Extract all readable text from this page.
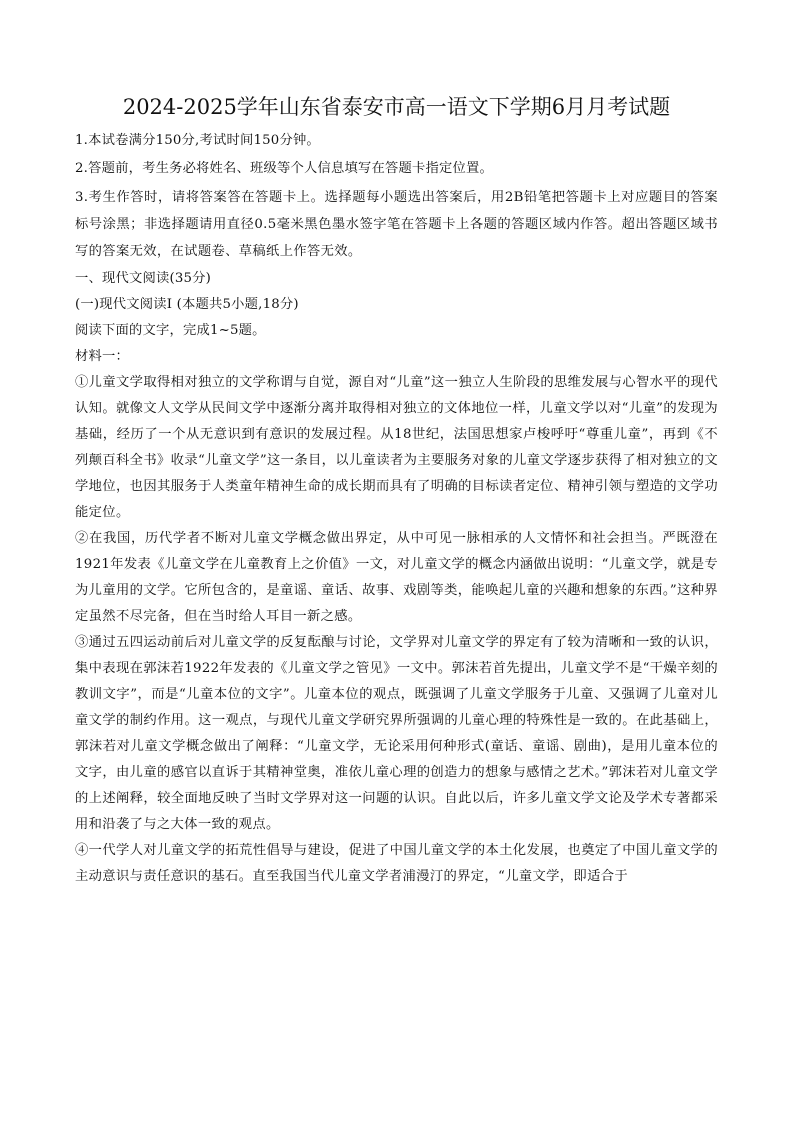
2024-2025学年山东省泰安市高一语文下学期6月月考试题

1.本试卷满分150分,考试时间150分钟。

2.答题前，考生务必将姓名、班级等个人信息填写在答题卡指定位置。

3.考生作答时，请将答案答在答题卡上。选择题每小题选出答案后，用2B铅笔把答题卡上对应题目的答案标号涂黑；非选择题请用直径0.5毫米黑色墨水签字笔在答题卡上各题的答题区域内作答。超出答题区域书写的答案无效，在试题卷、草稿纸上作答无效。

一、现代文阅读(35分)

(一)现代文阅读Ⅰ (本题共5小题,18分)

阅读下面的文字，完成1~5题。

材料一：

①儿童文学取得相对独立的文学称谓与自觉，源自对“儿童”这一独立人生阶段的思维发展与心智水平的现代认知。就像文人文学从民间文学中逐渐分离并取得相对独立的文体地位一样，儿童文学以对“儿童”的发现为基础，经历了一个从无意识到有意识的发展过程。从18世纪，法国思想家卢梭呼吁“尊重儿童”，再到《不列颠百科全书》收录“儿童文学”这一条目，以儿童读者为主要服务对象的儿童文学逐步获得了相对独立的文学地位，也因其服务于人类童年精神生命的成长期而具有了明确的目标读者定位、精神引领与塑造的文学功能定位。

②在我国，历代学者不断对儿童文学概念做出界定，从中可见一脉相承的人文情怀和社会担当。严既澄在1921年发表《儿童文学在儿童教育上之价值》一文，对儿童文学的概念内涵做出说明：“儿童文学，就是专为儿童用的文学。它所包含的，是童谣、童话、故事、戏剧等类，能唤起儿童的兴趣和想象的东西。”这种界定虽然不尽完备，但在当时给人耳目一新之感。

③通过五四运动前后对儿童文学的反复酝酿与讨论，文学界对儿童文学的界定有了较为清晰和一致的认识，集中表现在郭沫若1922年发表的《儿童文学之管见》一文中。郭沫若首先提出，儿童文学不是“干燥辛刻的教训文字”，而是“儿童本位的文字”。儿童本位的观点，既强调了儿童文学服务于儿童、又强调了儿童对儿童文学的制约作用。这一观点，与现代儿童文学研究界所强调的儿童心理的特殊性是一致的。在此基础上，郭沫若对儿童文学概念做出了阐释：“儿童文学，无论采用何种形式(童话、童谣、剧曲)，是用儿童本位的文字，由儿童的感官以直诉于其精神堂奥，准依儿童心理的创造力的想象与感情之艺术。”郭沫若对儿童文学的上述阐释，较全面地反映了当时文学界对这一问题的认识。自此以后，许多儿童文学文论及学术专著都采用和沿袭了与之大体一致的观点。

④一代学人对儿童文学的拓荒性倡导与建设，促进了中国儿童文学的本土化发展，也奠定了中国儿童文学的主动意识与责任意识的基石。直至我国当代儿童文学者浦漫汀的界定，“儿童文学，即适合于
